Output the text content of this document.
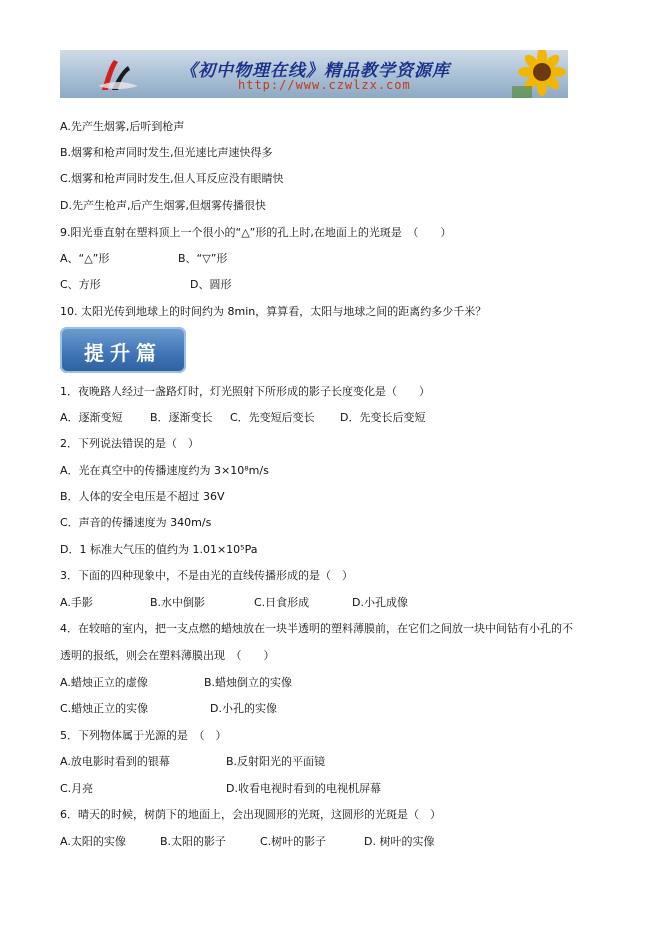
《初中物理在线》精品教学资源库
http://www.czwlzx.com
A.先产生烟雾,后听到枪声
B.烟雾和枪声同时发生,但光速比声速快得多
C.烟雾和枪声同时发生,但人耳反应没有眼睛快
D.先产生枪声,后产生烟雾,但烟雾传播很快
9.阳光垂直射在塑料顶上一个很小的“△”形的孔上时,在地面上的光斑是　（　　）
A、“△”形	B、“▽”形
C、方形	D、圆形
10. 太阳光传到地球上的时间约为 8min，算算看，太阳与地球之间的距离约多少千米？
提升篇
1．夜晚路人经过一盏路灯时，灯光照射下所形成的影子长度变化是（　　）
A．逐渐变短 B．逐渐变长 C．先变短后变长 D．先变长后变短
2．下列说法错误的是（　）
A．光在真空中的传播速度约为 3×10⁸m/s
B．人体的安全电压是不超过 36V
C．声音的传播速度为 340m/s
D．1 标准大气压的值约为 1.01×10⁵Pa
3．下面的四种现象中，不是由光的直线传播形成的是（　）
A.手影	B.水中倒影	C.日食形成	D.小孔成像
4．在较暗的室内，把一支点燃的蜡烛放在一块半透明的塑料薄膜前，在它们之间放一块中间钻有小孔的不
透明的报纸，则会在塑料薄膜出现　（　　）
A.蜡烛正立的虚像	B.蜡烛倒立的实像
C.蜡烛正立的实像	D.小孔的实像
5．下列物体属于光源的是　（　）
A.放电影时看到的银幕	B.反射阳光的平面镜
C.月亮	D.收看电视时看到的电视机屏幕
6．晴天的时候，树荫下的地面上，会出现圆形的光斑，这圆形的光斑是（　）
A.太阳的实像	B.太阳的影子	C.树叶的影子	D. 树叶的实像
